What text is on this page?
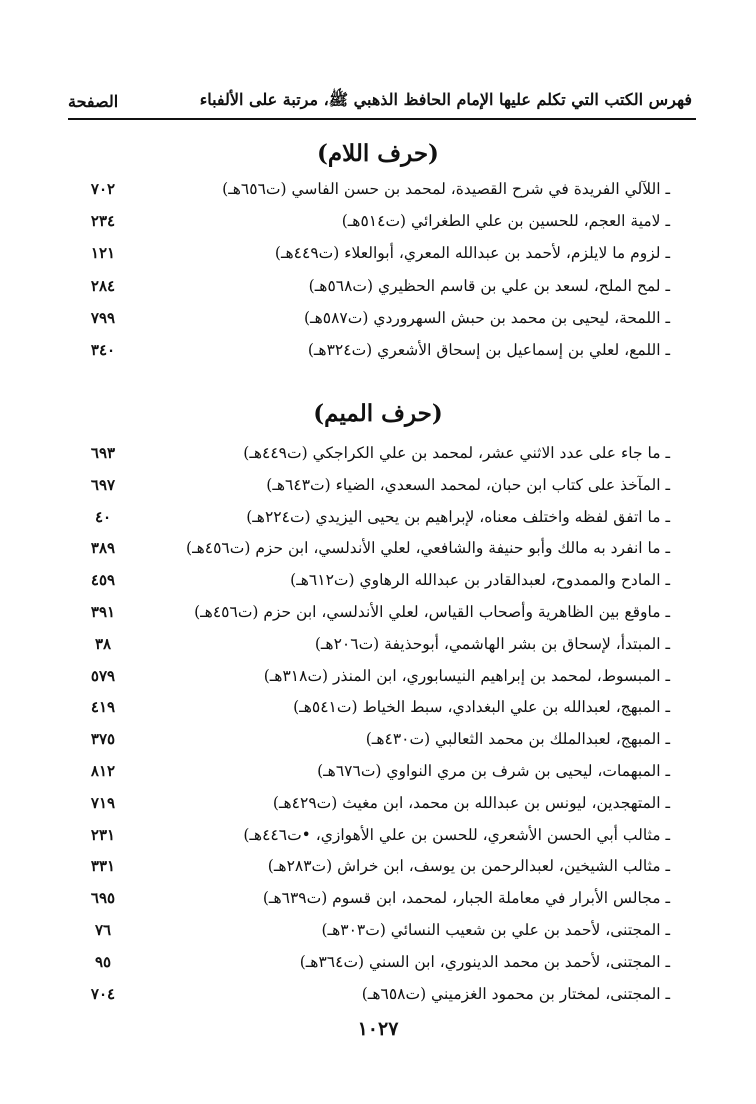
فهرس الكتب التي تكلم عليها الإمام الحافظ الذهبي ﷺ، مرتبة على الألفباء
الصفحة
(حرف اللام)
ـ اللآلي الفريدة في شرح القصيدة، لمحمد بن حسن الفاسي (ت٦٥٦هـ)
٧٠٢
ـ لامية العجم، للحسين بن علي الطغرائي (ت٥١٤هـ)
٢٣٤
ـ لزوم ما لايلزم، لأحمد بن عبدالله المعري، أبوالعلاء (ت٤٤٩هـ)
١٢١
ـ لمح الملح، لسعد بن علي بن قاسم الحظيري (ت٥٦٨هـ)
٢٨٤
ـ اللمحة، ليحيى بن محمد بن حبش السهروردي (ت٥٨٧هـ)
٧٩٩
ـ اللمع، لعلي بن إسماعيل بن إسحاق الأشعري (ت٣٢٤هـ)
٣٤٠
(حرف الميم)
ـ ما جاء على عدد الاثني عشر، لمحمد بن علي الكراجكي (ت٤٤٩هـ)
٦٩٣
ـ المآخذ على كتاب ابن حبان، لمحمد السعدي، الضياء (ت٦٤٣هـ)
٦٩٧
ـ ما اتفق لفظه واختلف معناه، لإبراهيم بن يحيى اليزيدي (ت٢٢٤هـ)
٤٠
ـ ما انفرد به مالك وأبو حنيفة والشافعي، لعلي الأندلسي، ابن حزم (ت٤٥٦هـ)
٣٨٩
ـ المادح والممدوح، لعبدالقادر بن عبدالله الرهاوي (ت٦١٢هـ)
٤٥٩
ـ ماوقع بين الظاهرية وأصحاب القياس، لعلي الأندلسي، ابن حزم (ت٤٥٦هـ)
٣٩١
ـ المبتدأ، لإسحاق بن بشر الهاشمي، أبوحذيفة (ت٢٠٦هـ)
٣٨
ـ المبسوط، لمحمد بن إبراهيم النيسابوري، ابن المنذر (ت٣١٨هـ)
٥٧٩
ـ المبهج، لعبدالله بن علي البغدادي، سبط الخياط (ت٥٤١هـ)
٤١٩
ـ المبهج، لعبدالملك بن محمد الثعالبي (ت٤٣٠هـ)
٣٧٥
ـ المبهمات، ليحيى بن شرف بن مري النواوي (ت٦٧٦هـ)
٨١٢
ـ المتهجدين، ليونس بن عبدالله بن محمد، ابن مغيث (ت٤٢٩هـ)
٧١٩
ـ مثالب أبي الحسن الأشعري، للحسن بن علي الأهوازي، •ت٤٤٦هـ)
٢٣١
ـ مثالب الشيخين، لعبدالرحمن بن يوسف، ابن خراش (ت٢٨٣هـ)
٣٣١
ـ مجالس الأبرار في معاملة الجبار، لمحمد، ابن قسوم (ت٦٣٩هـ)
٦٩٥
ـ المجتنى، لأحمد بن علي بن شعيب النسائي (ت٣٠٣هـ)
٧٦
ـ المجتنى، لأحمد بن محمد الدينوري، ابن السني (ت٣٦٤هـ)
٩٥
ـ المجتنى، لمختار بن محمود الغزميني (ت٦٥٨هـ)
٧٠٤
١٠٢٧
